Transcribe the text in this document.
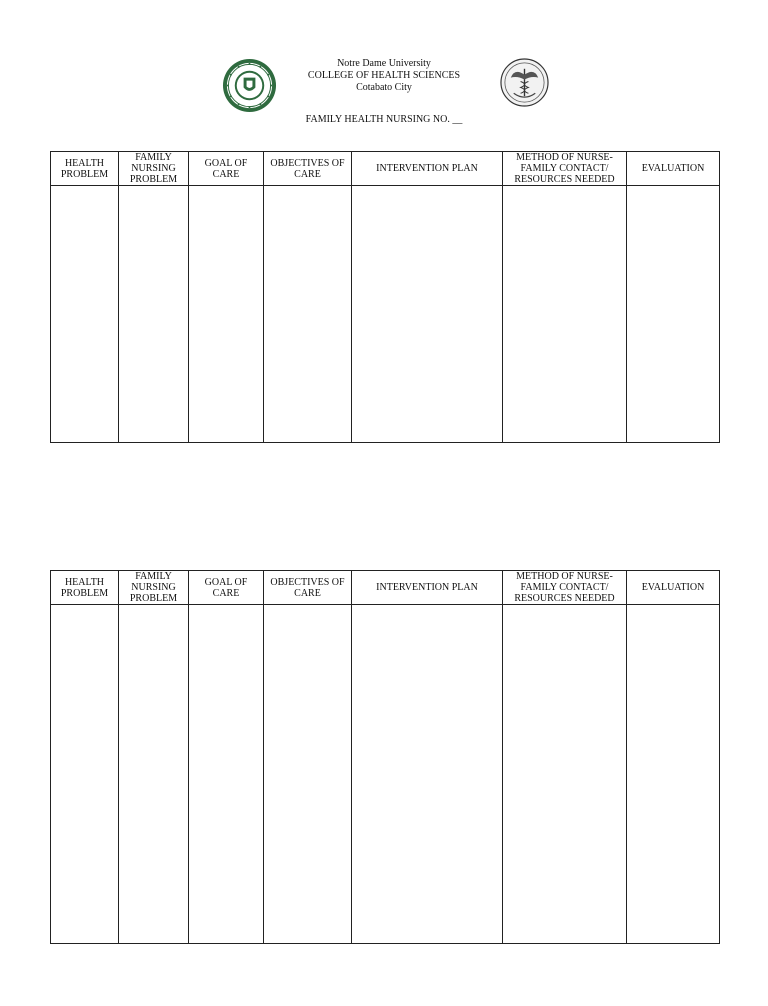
Notre Dame University
COLLEGE OF HEALTH SCIENCES
Cotabato City
FAMILY HEALTH NURSING NO. __
HEALTH PROBLEM	FAMILY NURSING PROBLEM	GOAL OF CARE	OBJECTIVES OF CARE	INTERVENTION PLAN	METHOD OF NURSE-FAMILY CONTACT/ RESOURCES NEEDED	EVALUATION

HEALTH PROBLEM	FAMILY NURSING PROBLEM	GOAL OF CARE	OBJECTIVES OF CARE	INTERVENTION PLAN	METHOD OF NURSE-FAMILY CONTACT/ RESOURCES NEEDED	EVALUATION
